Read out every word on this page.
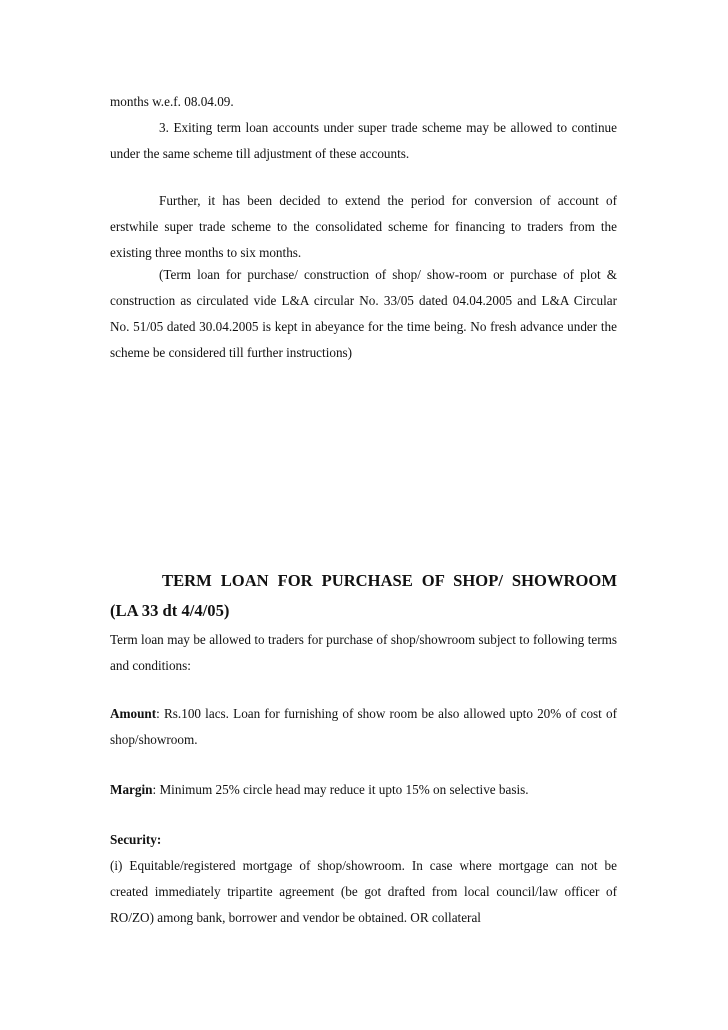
months w.e.f. 08.04.09.

3. Exiting term loan accounts under super trade scheme may be allowed to continue under the same scheme till adjustment of these accounts.

Further, it has been decided to extend the period for conversion of account of erstwhile super trade scheme to the consolidated scheme for financing to traders from the existing three months to six months.

(Term loan for purchase/ construction of shop/ show-room or purchase of plot & construction as circulated vide L&A circular No. 33/05 dated 04.04.2005 and L&A Circular No. 51/05 dated 30.04.2005 is kept in abeyance for the time being. No fresh advance under the scheme be considered till further instructions)

TERM LOAN FOR PURCHASE OF SHOP/ SHOWROOM
(LA 33 dt 4/4/05)

Term loan may be allowed to traders for purchase of shop/showroom subject to following terms and conditions:

Amount: Rs.100 lacs. Loan for furnishing of show room be also allowed upto 20% of cost of shop/showroom.

Margin: Minimum 25% circle head may reduce it upto 15% on selective basis.

Security:

(i) Equitable/registered mortgage of shop/showroom. In case where mortgage can not be created immediately tripartite agreement (be got drafted from local council/law officer of RO/ZO) among bank, borrower and vendor be obtained. OR collateral
